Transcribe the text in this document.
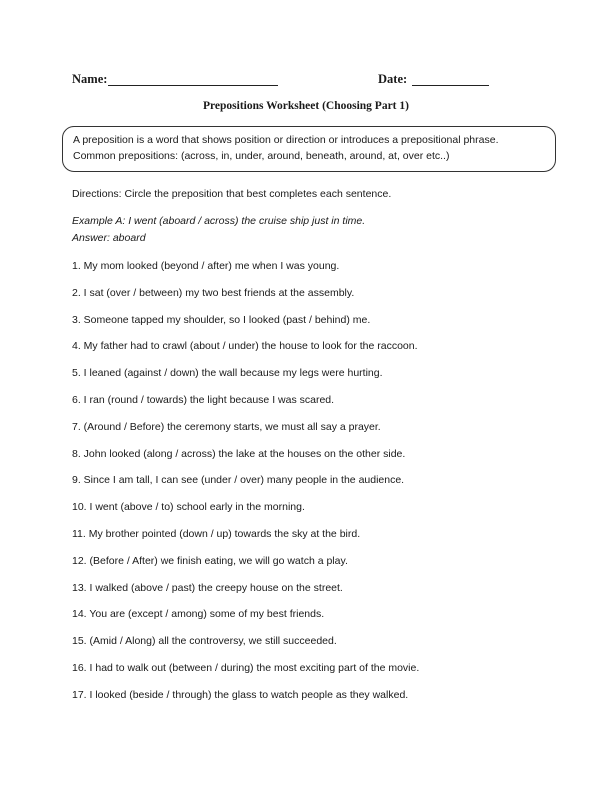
Name:	Date:
Prepositions Worksheet (Choosing Part 1)
A preposition is a word that shows position or direction or introduces a prepositional phrase.
Common prepositions: (across, in, under, around, beneath, around, at, over etc..)
Directions: Circle the preposition that best completes each sentence.
Example A: I went (aboard / across) the cruise ship just in time.
Answer: aboard
1. My mom looked (beyond / after) me when I was young.
2. I sat (over / between) my two best friends at the assembly.
3. Someone tapped my shoulder, so I looked (past / behind) me.
4. My father had to crawl (about / under) the house to look for the raccoon.
5. I leaned (against / down) the wall because my legs were hurting.
6. I ran (round / towards) the light because I was scared.
7. (Around / Before) the ceremony starts, we must all say a prayer.
8. John looked (along / across) the lake at the houses on the other side.
9. Since I am tall, I can see (under / over) many people in the audience.
10. I went (above / to) school early in the morning.
11. My brother pointed (down / up) towards the sky at the bird.
12. (Before / After) we finish eating, we will go watch a play.
13. I walked (above / past) the creepy house on the street.
14. You are (except / among) some of my best friends.
15. (Amid / Along) all the controversy, we still succeeded.
16. I had to walk out (between / during) the most exciting part of the movie.
17. I looked (beside / through) the glass to watch people as they walked.
